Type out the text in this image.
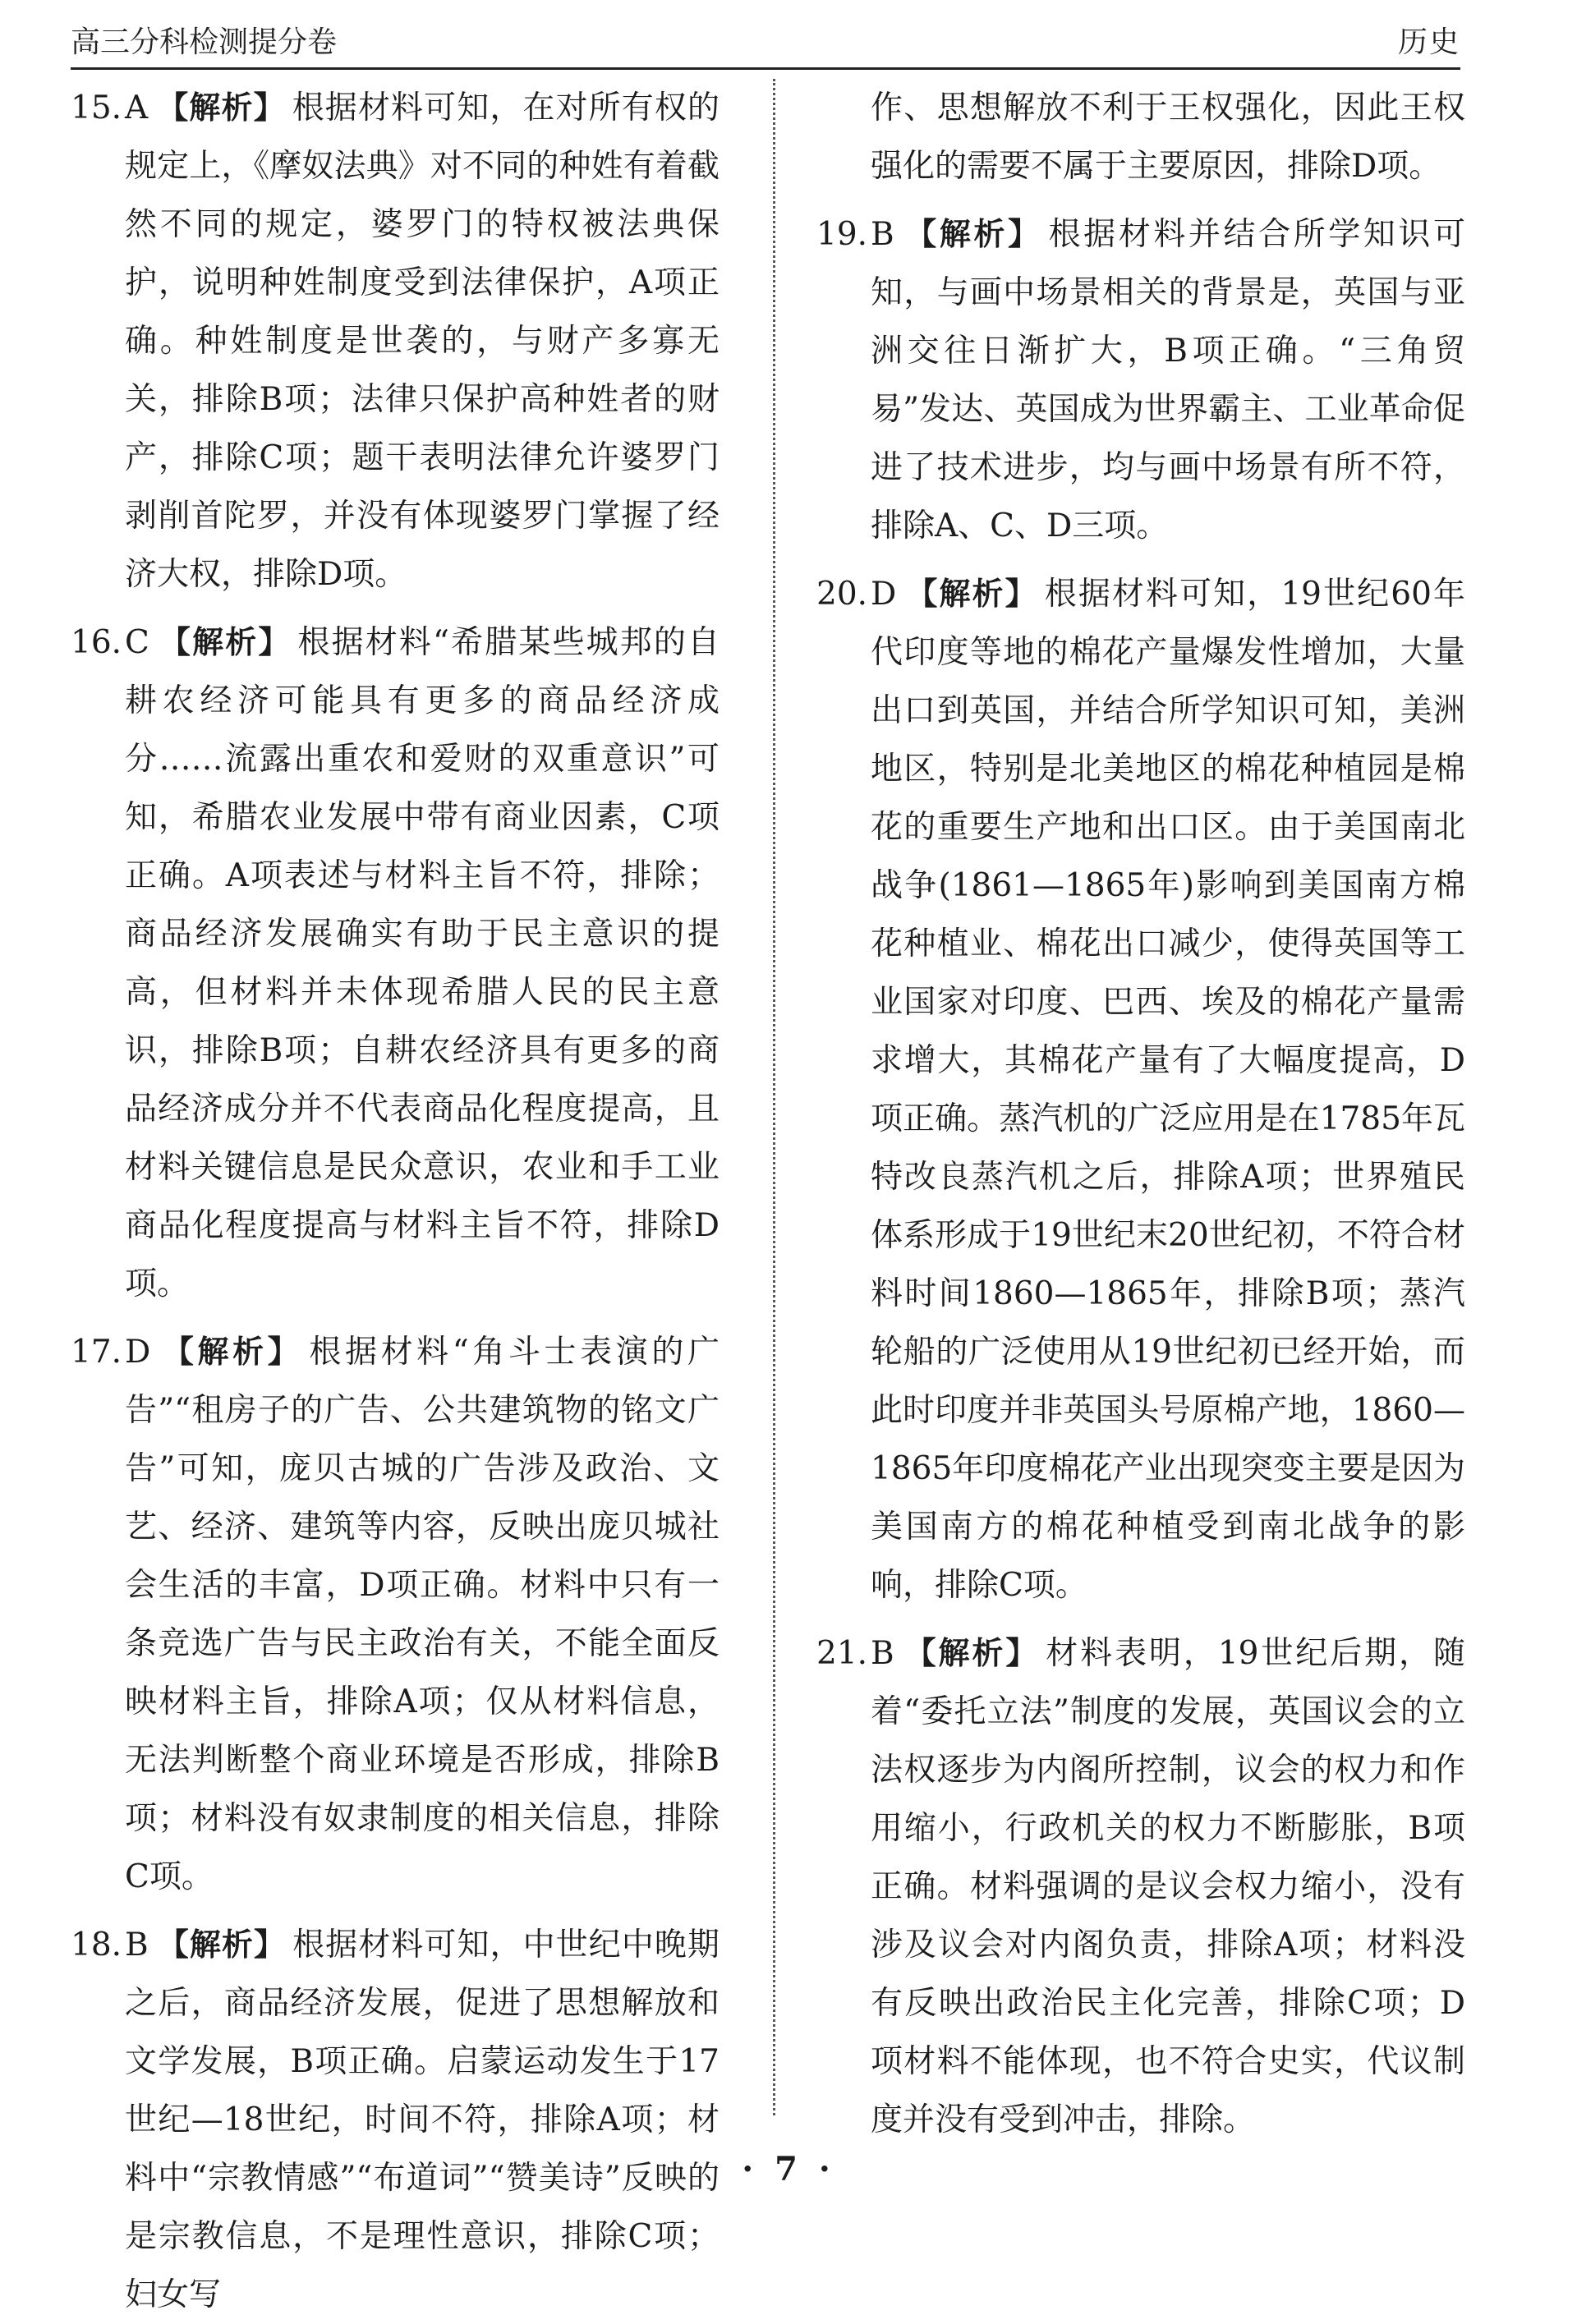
高三分科检测提分卷	历史
15. A 【解析】 根据材料可知，在对所有权的规定上，《摩奴法典》对不同的种姓有着截然不同的规定，婆罗门的特权被法典保护，说明种姓制度受到法律保护，A项正确。种姓制度是世袭的，与财产多寡无关，排除B项；法律只保护高种姓者的财产，排除C项；题干表明法律允许婆罗门剥削首陀罗，并没有体现婆罗门掌握了经济大权，排除D项。
16. C 【解析】 根据材料“希腊某些城邦的自耕农经济可能具有更多的商品经济成分……流露出重农和爱财的双重意识”可知，希腊农业发展中带有商业因素，C项正确。A项表述与材料主旨不符，排除；商品经济发展确实有助于民主意识的提高，但材料并未体现希腊人民的民主意识，排除B项；自耕农经济具有更多的商品经济成分并不代表商品化程度提高，且材料关键信息是民众意识，农业和手工业商品化程度提高与材料主旨不符，排除D项。
17. D 【解析】 根据材料“角斗士表演的广告”“租房子的广告、公共建筑物的铭文广告”可知，庞贝古城的广告涉及政治、文艺、经济、建筑等内容，反映出庞贝城社会生活的丰富，D项正确。材料中只有一条竞选广告与民主政治有关，不能全面反映材料主旨，排除A项；仅从材料信息，无法判断整个商业环境是否形成，排除B项；材料没有奴隶制度的相关信息，排除C项。
18. B 【解析】 根据材料可知，中世纪中晚期之后，商品经济发展，促进了思想解放和文学发展，B项正确。启蒙运动发生于17世纪—18世纪，时间不符，排除A项；材料中“宗教情感”“布道词”“赞美诗”反映的是宗教信息，不是理性意识，排除C项；妇女写
作、思想解放不利于王权强化，因此王权强化的需要不属于主要原因，排除D项。
19. B 【解析】 根据材料并结合所学知识可知，与画中场景相关的背景是，英国与亚洲交往日渐扩大，B项正确。“三角贸易”发达、英国成为世界霸主、工业革命促进了技术进步，均与画中场景有所不符，排除A、C、D三项。
20. D 【解析】 根据材料可知，19世纪60年代印度等地的棉花产量爆发性增加，大量出口到英国，并结合所学知识可知，美洲地区，特别是北美地区的棉花种植园是棉花的重要生产地和出口区。由于美国南北战争(1861—1865年)影响到美国南方棉花种植业、棉花出口减少，使得英国等工业国家对印度、巴西、埃及的棉花产量需求增大，其棉花产量有了大幅度提高，D项正确。蒸汽机的广泛应用是在1785年瓦特改良蒸汽机之后，排除A项；世界殖民体系形成于19世纪末20世纪初，不符合材料时间1860—1865年，排除B项；蒸汽轮船的广泛使用从19世纪初已经开始，而此时印度并非英国头号原棉产地，1860—1865年印度棉花产业出现突变主要是因为美国南方的棉花种植受到南北战争的影响，排除C项。
21. B 【解析】 材料表明，19世纪后期，随着“委托立法”制度的发展，英国议会的立法权逐步为内阁所控制，议会的权力和作用缩小，行政机关的权力不断膨胀，B项正确。材料强调的是议会权力缩小，没有涉及议会对内阁负责，排除A项；材料没有反映出政治民主化完善，排除C项；D项材料不能体现，也不符合史实，代议制度并没有受到冲击，排除。
· 7 ·
